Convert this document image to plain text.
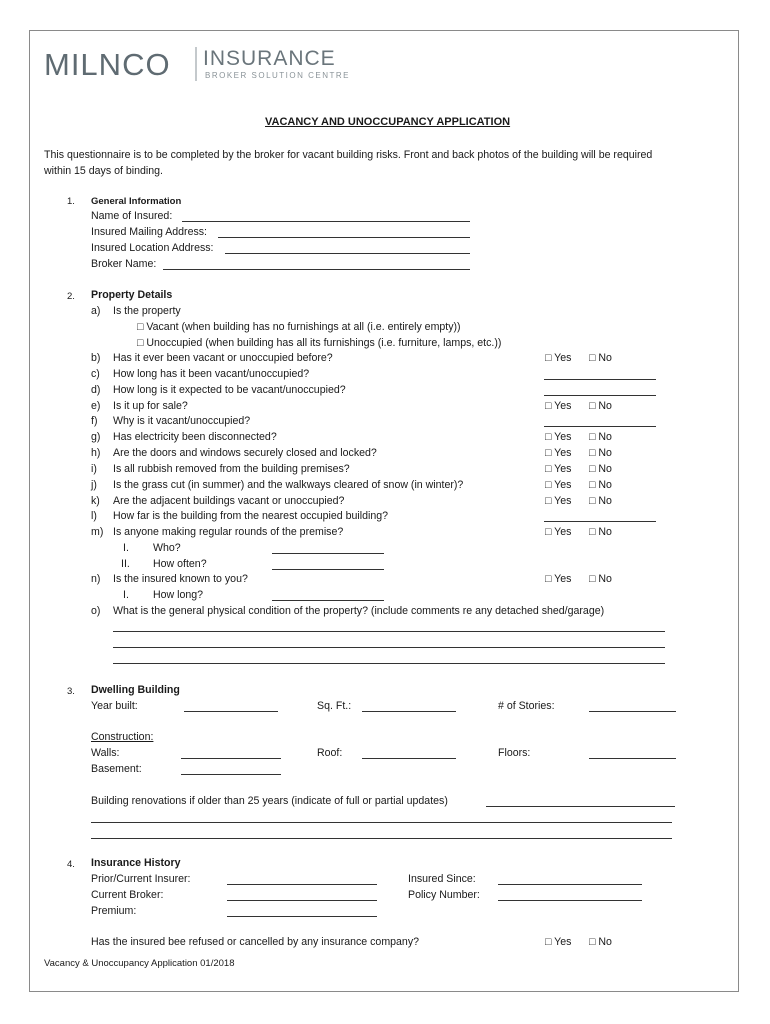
MILNCO INSURANCE
BROKER SOLUTION CENTRE
VACANCY AND UNOCCUPANCY APPLICATION
This questionnaire is to be completed by the broker for vacant building risks. Front and back photos of the building will be required
within 15 days of binding.
1. General Information
Name of Insured:
Insured Mailing Address:
Insured Location Address:
Broker Name:
2. Property Details
a) Is the property
□ Vacant (when building has no furnishings at all (i.e. entirely empty))
□ Unoccupied (when building has all its furnishings (i.e. furniture, lamps, etc.))
b) Has it ever been vacant or unoccupied before?	□ Yes □ No
c) How long has it been vacant/unoccupied?
d) How long is it expected to be vacant/unoccupied?
e) Is it up for sale?	□ Yes □ No
f) Why is it vacant/unoccupied?
g) Has electricity been disconnected?	□ Yes □ No
h) Are the doors and windows securely closed and locked?	□ Yes □ No
i) Is all rubbish removed from the building premises?	□ Yes □ No
j) Is the grass cut (in summer) and the walkways cleared of snow (in winter)?	□ Yes □ No
k) Are the adjacent buildings vacant or unoccupied?	□ Yes □ No
l) How far is the building from the nearest occupied building?
m) Is anyone making regular rounds of the premise?	□ Yes □ No
I. Who?
II. How often?
n) Is the insured known to you?	□ Yes □ No
I. How long?
o) What is the general physical condition of the property? (include comments re any detached shed/garage)
3. Dwelling Building
Year built:	Sq. Ft.:	# of Stories:
Construction:
Walls:	Roof:	Floors:
Basement:
Building renovations if older than 25 years (indicate of full or partial updates)
4. Insurance History
Prior/Current Insurer:	Insured Since:
Current Broker:	Policy Number:
Premium:
Has the insured bee refused or cancelled by any insurance company?	□ Yes □ No
Vacancy & Unoccupancy Application 01/2018
